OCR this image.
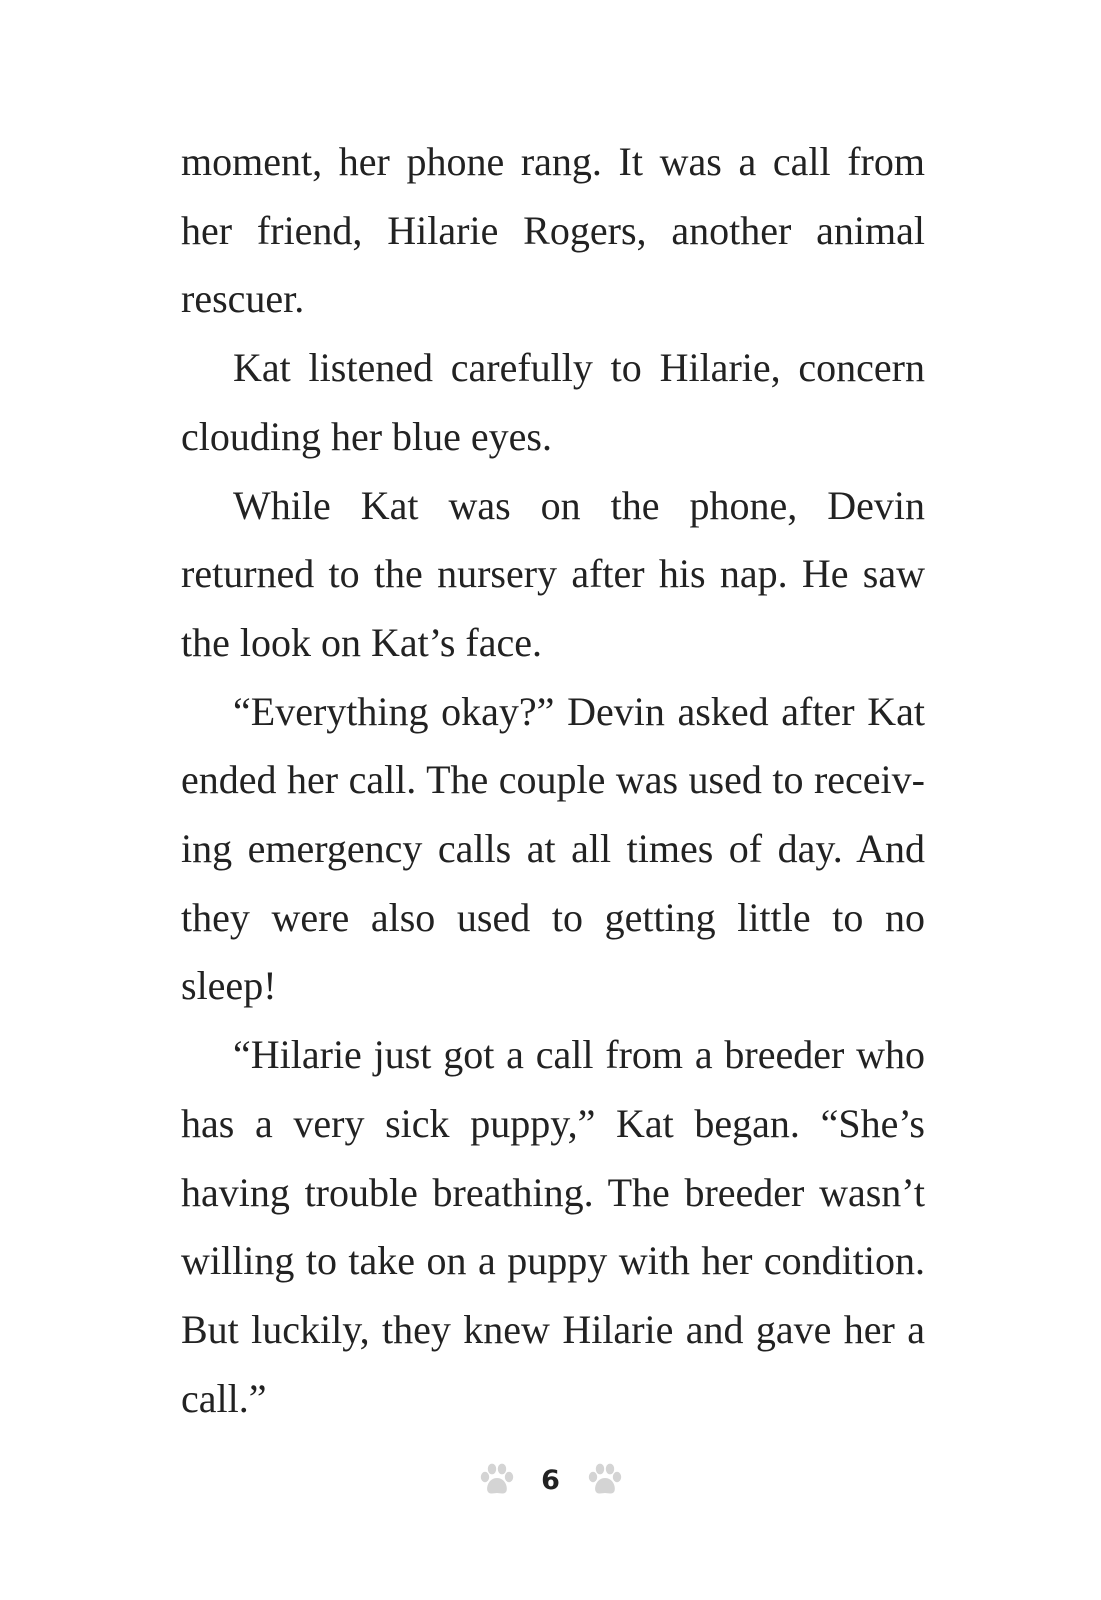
moment, her phone rang. It was a call from her friend, Hilarie Rogers, another animal rescuer.

Kat listened carefully to Hilarie, concern clouding her blue eyes.

While Kat was on the phone, Devin returned to the nursery after his nap. He saw the look on Kat’s face.

“Everything okay?” Devin asked after Kat ended her call. The couple was used to receiving emergency calls at all times of day. And they were also used to getting little to no sleep!

“Hilarie just got a call from a breeder who has a very sick puppy,” Kat began. “She’s having trouble breathing. The breeder wasn’t willing to take on a puppy with her condition. But luckily, they knew Hilarie and gave her a call.”

6
